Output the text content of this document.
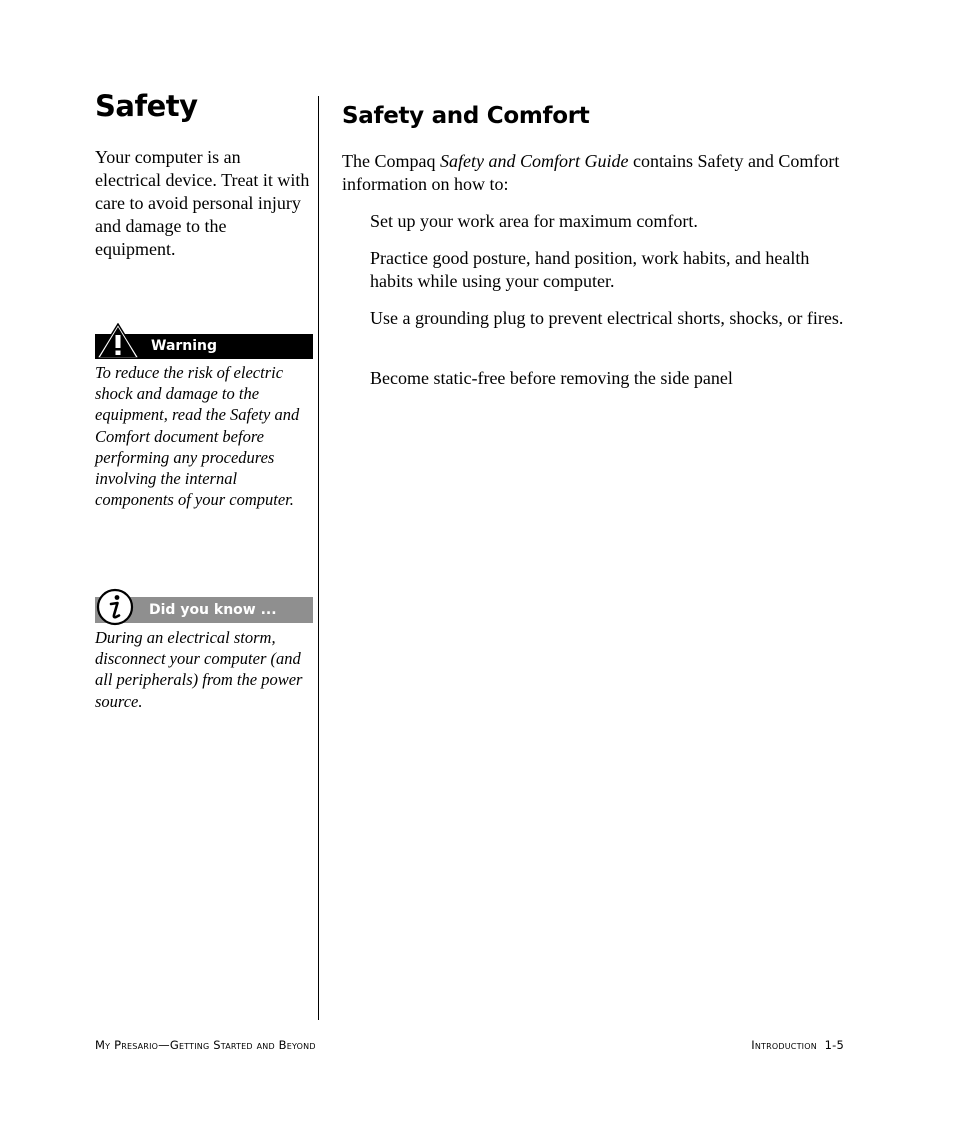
Safety

Your computer is an electrical device. Treat it with care to avoid personal injury and damage to the equipment.

Warning

To reduce the risk of electric shock and damage to the equipment, read the Safety and Comfort document before performing any procedures involving the internal components of your computer.

Did you know ...

During an electrical storm, disconnect your computer (and all peripherals) from the power source.

Safety and Comfort

The Compaq Safety and Comfort Guide contains Safety and Comfort information on how to:

Set up your work area for maximum comfort.

Practice good posture, hand position, work habits, and health habits while using your computer.

Use a grounding plug to prevent electrical shorts, shocks, or fires.

Become static-free before removing the side panel

My Presario—Getting Started and Beyond	Introduction  1-5
